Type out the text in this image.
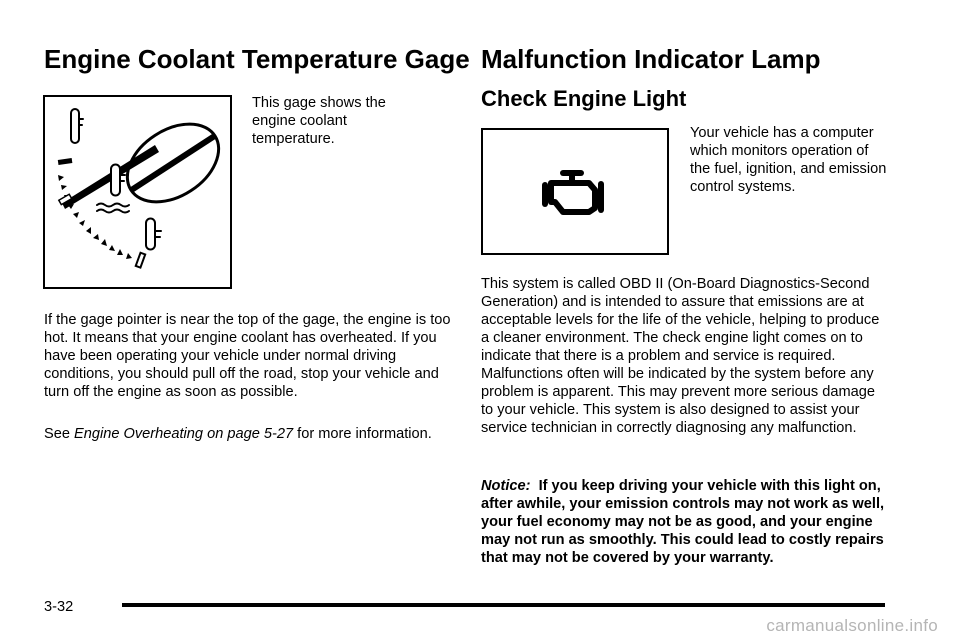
Engine Coolant Temperature Gage

This gage shows the engine coolant temperature.

If the gage pointer is near the top of the gage, the engine is too hot. It means that your engine coolant has overheated. If you have been operating your vehicle under normal driving conditions, you should pull off the road, stop your vehicle and turn off the engine as soon as possible.

See Engine Overheating on page 5-27 for more information.

Malfunction Indicator Lamp
Check Engine Light

Your vehicle has a computer which monitors operation of the fuel, ignition, and emission control systems.

This system is called OBD II (On-Board Diagnostics-Second Generation) and is intended to assure that emissions are at acceptable levels for the life of the vehicle, helping to produce a cleaner environment. The check engine light comes on to indicate that there is a problem and service is required. Malfunctions often will be indicated by the system before any problem is apparent. This may prevent more serious damage to your vehicle. This system is also designed to assist your service technician in correctly diagnosing any malfunction.

Notice: If you keep driving your vehicle with this light on, after awhile, your emission controls may not work as well, your fuel economy may not be as good, and your engine may not run as smoothly. This could lead to costly repairs that may not be covered by your warranty.

3-32
carmanualsonline.info
